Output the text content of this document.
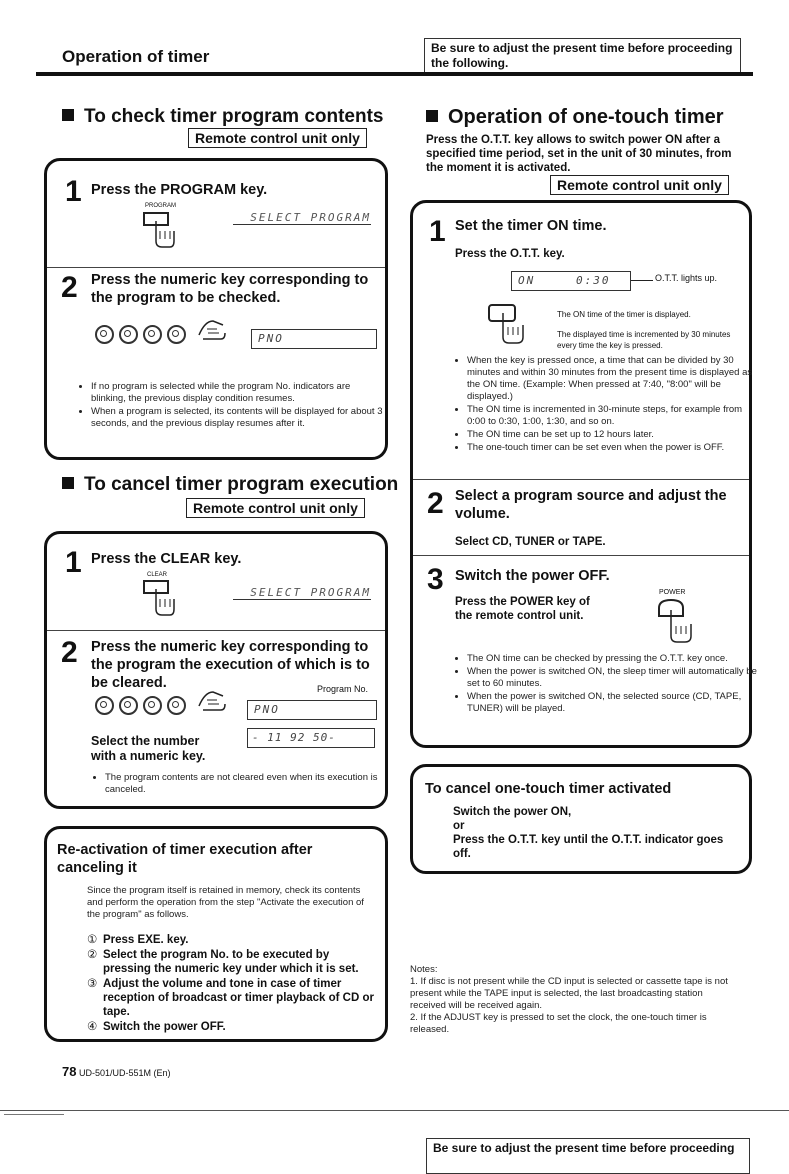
Operation of timer	Be sure to adjust the present time before proceeding
the following.
To check timer program contents
Remote control unit only
1 Press the PROGRAM key.
PROGRAM
SELECT PROGRAM
2 Press the numeric key corresponding to the program to be checked.
PNO
• If no program is selected while the program No. indicators are blinking, the previous display condition resumes.
• When a program is selected, its contents will be displayed for about 3 seconds, and the previous display resumes after it.
To cancel timer program execution
Remote control unit only
1 Press the CLEAR key.
CLEAR
SELECT PROGRAM
2 Press the numeric key corresponding to the program the execution of which is to be cleared.	Program No.
PNO
- 11 92 50-
Select the number with a numeric key.
• The program contents are not cleared even when its execution is canceled.
Re-activation of timer execution after canceling it
Since the program itself is retained in memory, check its contents and perform the operation from the step "Activate the execution of the program" as follows.
① Press EXE. key.
② Select the program No. to be executed by pressing the numeric key under which it is set.
③ Adjust the volume and tone in case of timer reception of broadcast or timer playback of CD or tape.
④ Switch the power OFF.
Operation of one-touch timer
Press the O.T.T. key allows to switch power ON after a specified time period, set in the unit of 30 minutes, from the moment it is activated.
Remote control unit only
1 Set the timer ON time.
Press the O.T.T. key.
ON	0:30	O.T.T. lights up.
The ON time of the timer is displayed.
The displayed time is incremented by 30 minutes every time the key is pressed.
• When the key is pressed once, a time that can be divided by 30 minutes and within 30 minutes from the present time is displayed as the ON time. (Example: When pressed at 7:40, "8:00" will be displayed.)
• The ON time is incremented in 30-minute steps, for example from 0:00 to 0:30, 1:00, 1:30, and so on.
• The ON time can be set up to 12 hours later.
• The one-touch timer can be set even when the power is OFF.
2 Select a program source and adjust the volume.
Select CD, TUNER or TAPE.
3 Switch the power OFF.
Press the POWER key of the remote control unit.
POWER
• The ON time can be checked by pressing the O.T.T. key once.
• When the power is switched ON, the sleep timer will automatically be set to 60 minutes.
• When the power is switched ON, the selected source (CD, TAPE, TUNER) will be played.
To cancel one-touch timer activated
Switch the power ON,
or
Press the O.T.T. key until the O.T.T. indicator goes off.
Notes:
1. If disc is not present while the CD input is selected or cassette tape is not present while the TAPE input is selected, the last broadcasting station received will be received again.
2. If the ADJUST key is pressed to set the clock, the one-touch timer is released.
78 UD-501/UD-551M (En)
Be sure to adjust the present time before proceeding
